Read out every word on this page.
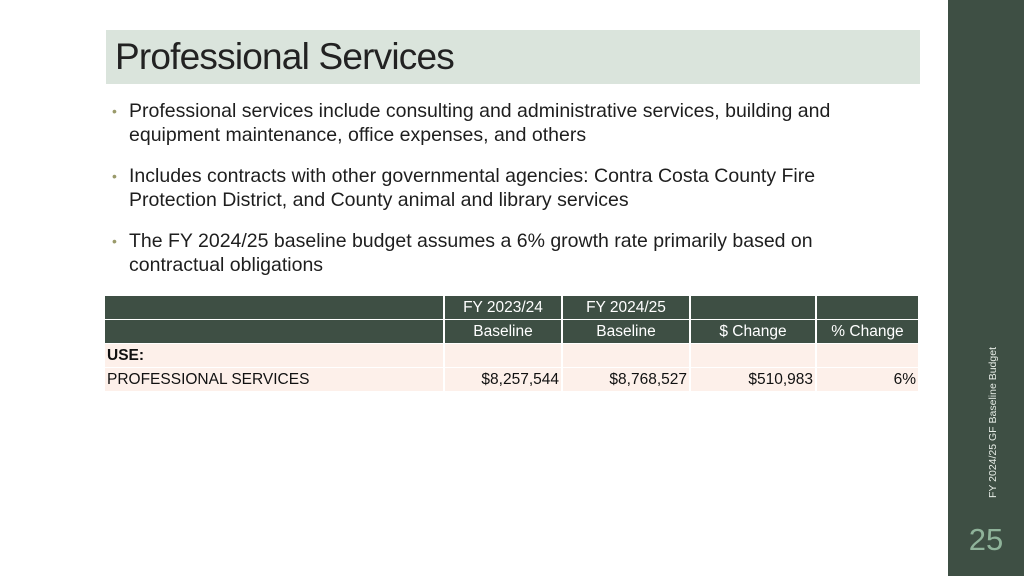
Professional Services
• Professional services include consulting and administrative services, building and equipment maintenance, office expenses, and others
• Includes contracts with other governmental agencies: Contra Costa County Fire Protection District, and County animal and library services
• The FY 2024/25 baseline budget assumes a 6% growth rate primarily based on contractual obligations
	FY 2023/24	FY 2024/25		
	Baseline	Baseline	$ Change	% Change
USE:				
PROFESSIONAL SERVICES	$8,257,544	$8,768,527	$510,983	6%	FY 2024/25 GF Baseline Budget
25
